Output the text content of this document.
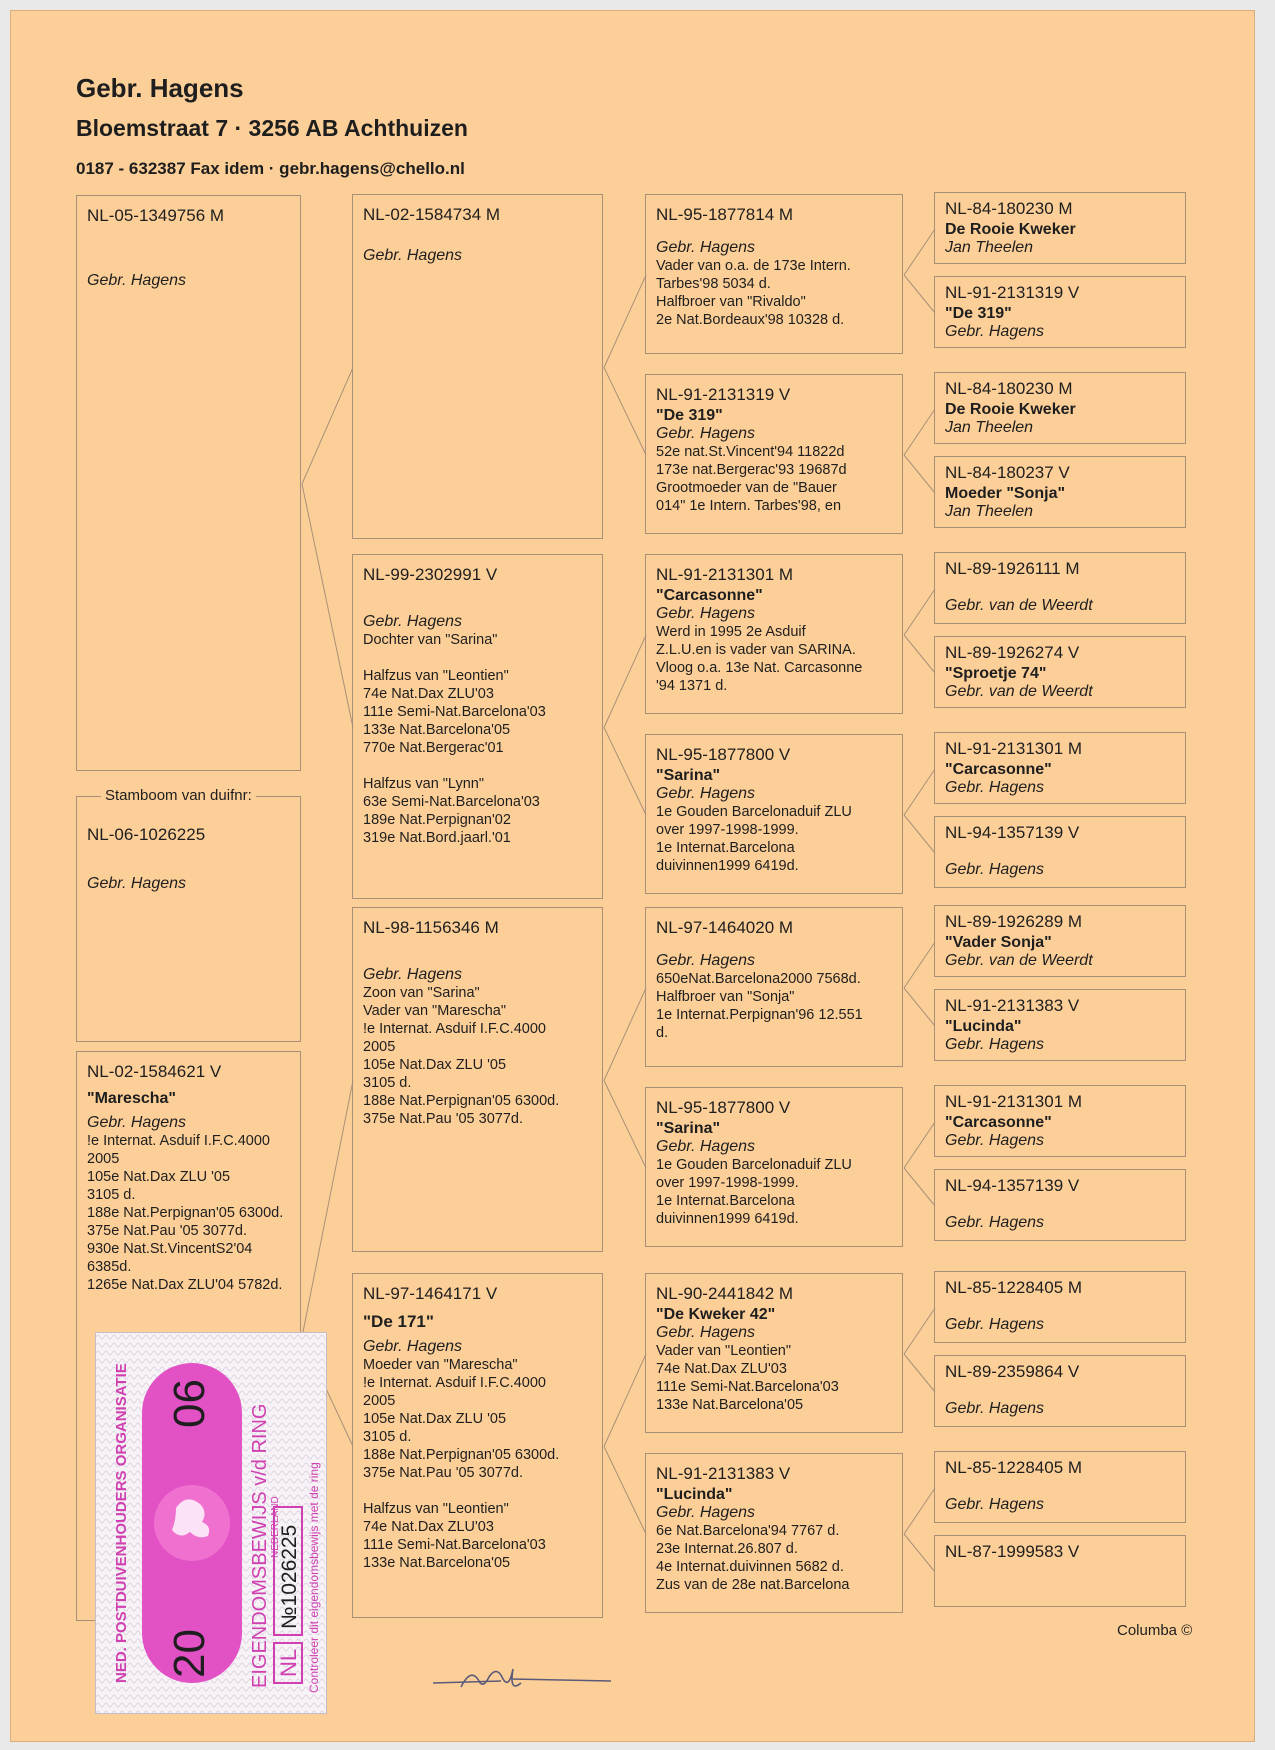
Gebr. Hagens
Bloemstraat 7 · 3256 AB Achthuizen
0187 - 632387 Fax idem · gebr.hagens@chello.nl
NL-05-1349756 M
Gebr. Hagens
NL-06-1026225
Gebr. Hagens
Stamboom van duifnr:
NL-02-1584621 V
"Marescha"
Gebr. Hagens
!e Internat. Asduif I.F.C.4000
2005
105e Nat.Dax ZLU '05
3105 d.
188e Nat.Perpignan'05 6300d.
375e Nat.Pau '05 3077d.
930e Nat.St.VincentS2'04
6385d.
1265e Nat.Dax ZLU'04 5782d.
NL-02-1584734 M
Gebr. Hagens
NL-99-2302991 V
Gebr. Hagens
Dochter van "Sarina"

Halfzus van "Leontien"
74e Nat.Dax ZLU'03
111e Semi-Nat.Barcelona'03
133e Nat.Barcelona'05
770e Nat.Bergerac'01

Halfzus van "Lynn"
63e Semi-Nat.Barcelona'03
189e Nat.Perpignan'02
319e Nat.Bord.jaarl.'01
NL-98-1156346 M
Gebr. Hagens
Zoon van "Sarina"
Vader van "Marescha"
!e Internat. Asduif I.F.C.4000
2005
105e Nat.Dax ZLU '05
3105 d.
188e Nat.Perpignan'05 6300d.
375e Nat.Pau '05 3077d.
NL-97-1464171 V
"De 171"
Gebr. Hagens
Moeder van "Marescha"
!e Internat. Asduif I.F.C.4000
2005
105e Nat.Dax ZLU '05
3105 d.
188e Nat.Perpignan'05 6300d.
375e Nat.Pau '05 3077d.

Halfzus van "Leontien"
74e Nat.Dax ZLU'03
111e Semi-Nat.Barcelona'03
133e Nat.Barcelona'05
NL-95-1877814 M
Gebr. Hagens
Vader van o.a. de 173e Intern.
Tarbes'98 5034 d.
Halfbroer van "Rivaldo"
2e Nat.Bordeaux'98 10328 d.
NL-91-2131319 V
"De 319"
Gebr. Hagens
52e nat.St.Vincent'94 11822d
173e nat.Bergerac'93 19687d
Grootmoeder van de "Bauer
014" 1e Intern. Tarbes'98, en
NL-91-2131301 M
"Carcasonne"
Gebr. Hagens
Werd in 1995 2e Asduif
Z.L.U.en is vader van SARINA.
Vloog o.a. 13e Nat. Carcasonne
'94 1371 d.
NL-95-1877800 V
"Sarina"
Gebr. Hagens
1e Gouden Barcelonaduif ZLU
over 1997-1998-1999.
1e Internat.Barcelona
duivinnen1999 6419d.
NL-97-1464020 M
Gebr. Hagens
650eNat.Barcelona2000 7568d.
Halfbroer van "Sonja"
1e Internat.Perpignan'96 12.551
d.
NL-95-1877800 V
"Sarina"
Gebr. Hagens
1e Gouden Barcelonaduif ZLU
over 1997-1998-1999.
1e Internat.Barcelona
duivinnen1999 6419d.
NL-90-2441842 M
"De Kweker 42"
Gebr. Hagens
Vader van "Leontien"
74e Nat.Dax ZLU'03
111e Semi-Nat.Barcelona'03
133e Nat.Barcelona'05
NL-91-2131383 V
"Lucinda"
Gebr. Hagens
6e Nat.Barcelona'94 7767 d.
23e Internat.26.807 d.
4e Internat.duivinnen 5682 d.
Zus van de 28e nat.Barcelona
NL-84-180230 M
De Rooie Kweker
Jan Theelen
NL-91-2131319 V
"De 319"
Gebr. Hagens
NL-84-180230 M
De Rooie Kweker
Jan Theelen
NL-84-180237 V
Moeder "Sonja"
Jan Theelen
NL-89-1926111 M
Gebr. van de Weerdt
NL-89-1926274 V
"Sproetje 74"
Gebr. van de Weerdt
NL-91-2131301 M
"Carcasonne"
Gebr. Hagens
NL-94-1357139 V
Gebr. Hagens
NL-89-1926289 M
"Vader Sonja"
Gebr. van de Weerdt
NL-91-2131383 V
"Lucinda"
Gebr. Hagens
NL-91-2131301 M
"Carcasonne"
Gebr. Hagens
NL-94-1357139 V
Gebr. Hagens
NL-85-1228405 M
Gebr. Hagens
NL-89-2359864 V
Gebr. Hagens
NL-85-1228405 M
Gebr. Hagens
NL-87-1999583 V
Columba ©
NED. POSTDUIVENHOUDERS ORGANISATIE 20
06 EIGENDOMSBEWIJS v/d RING NL
№1026225
NEDERLAND Controleer dit eigendomsbewijs met de ring
